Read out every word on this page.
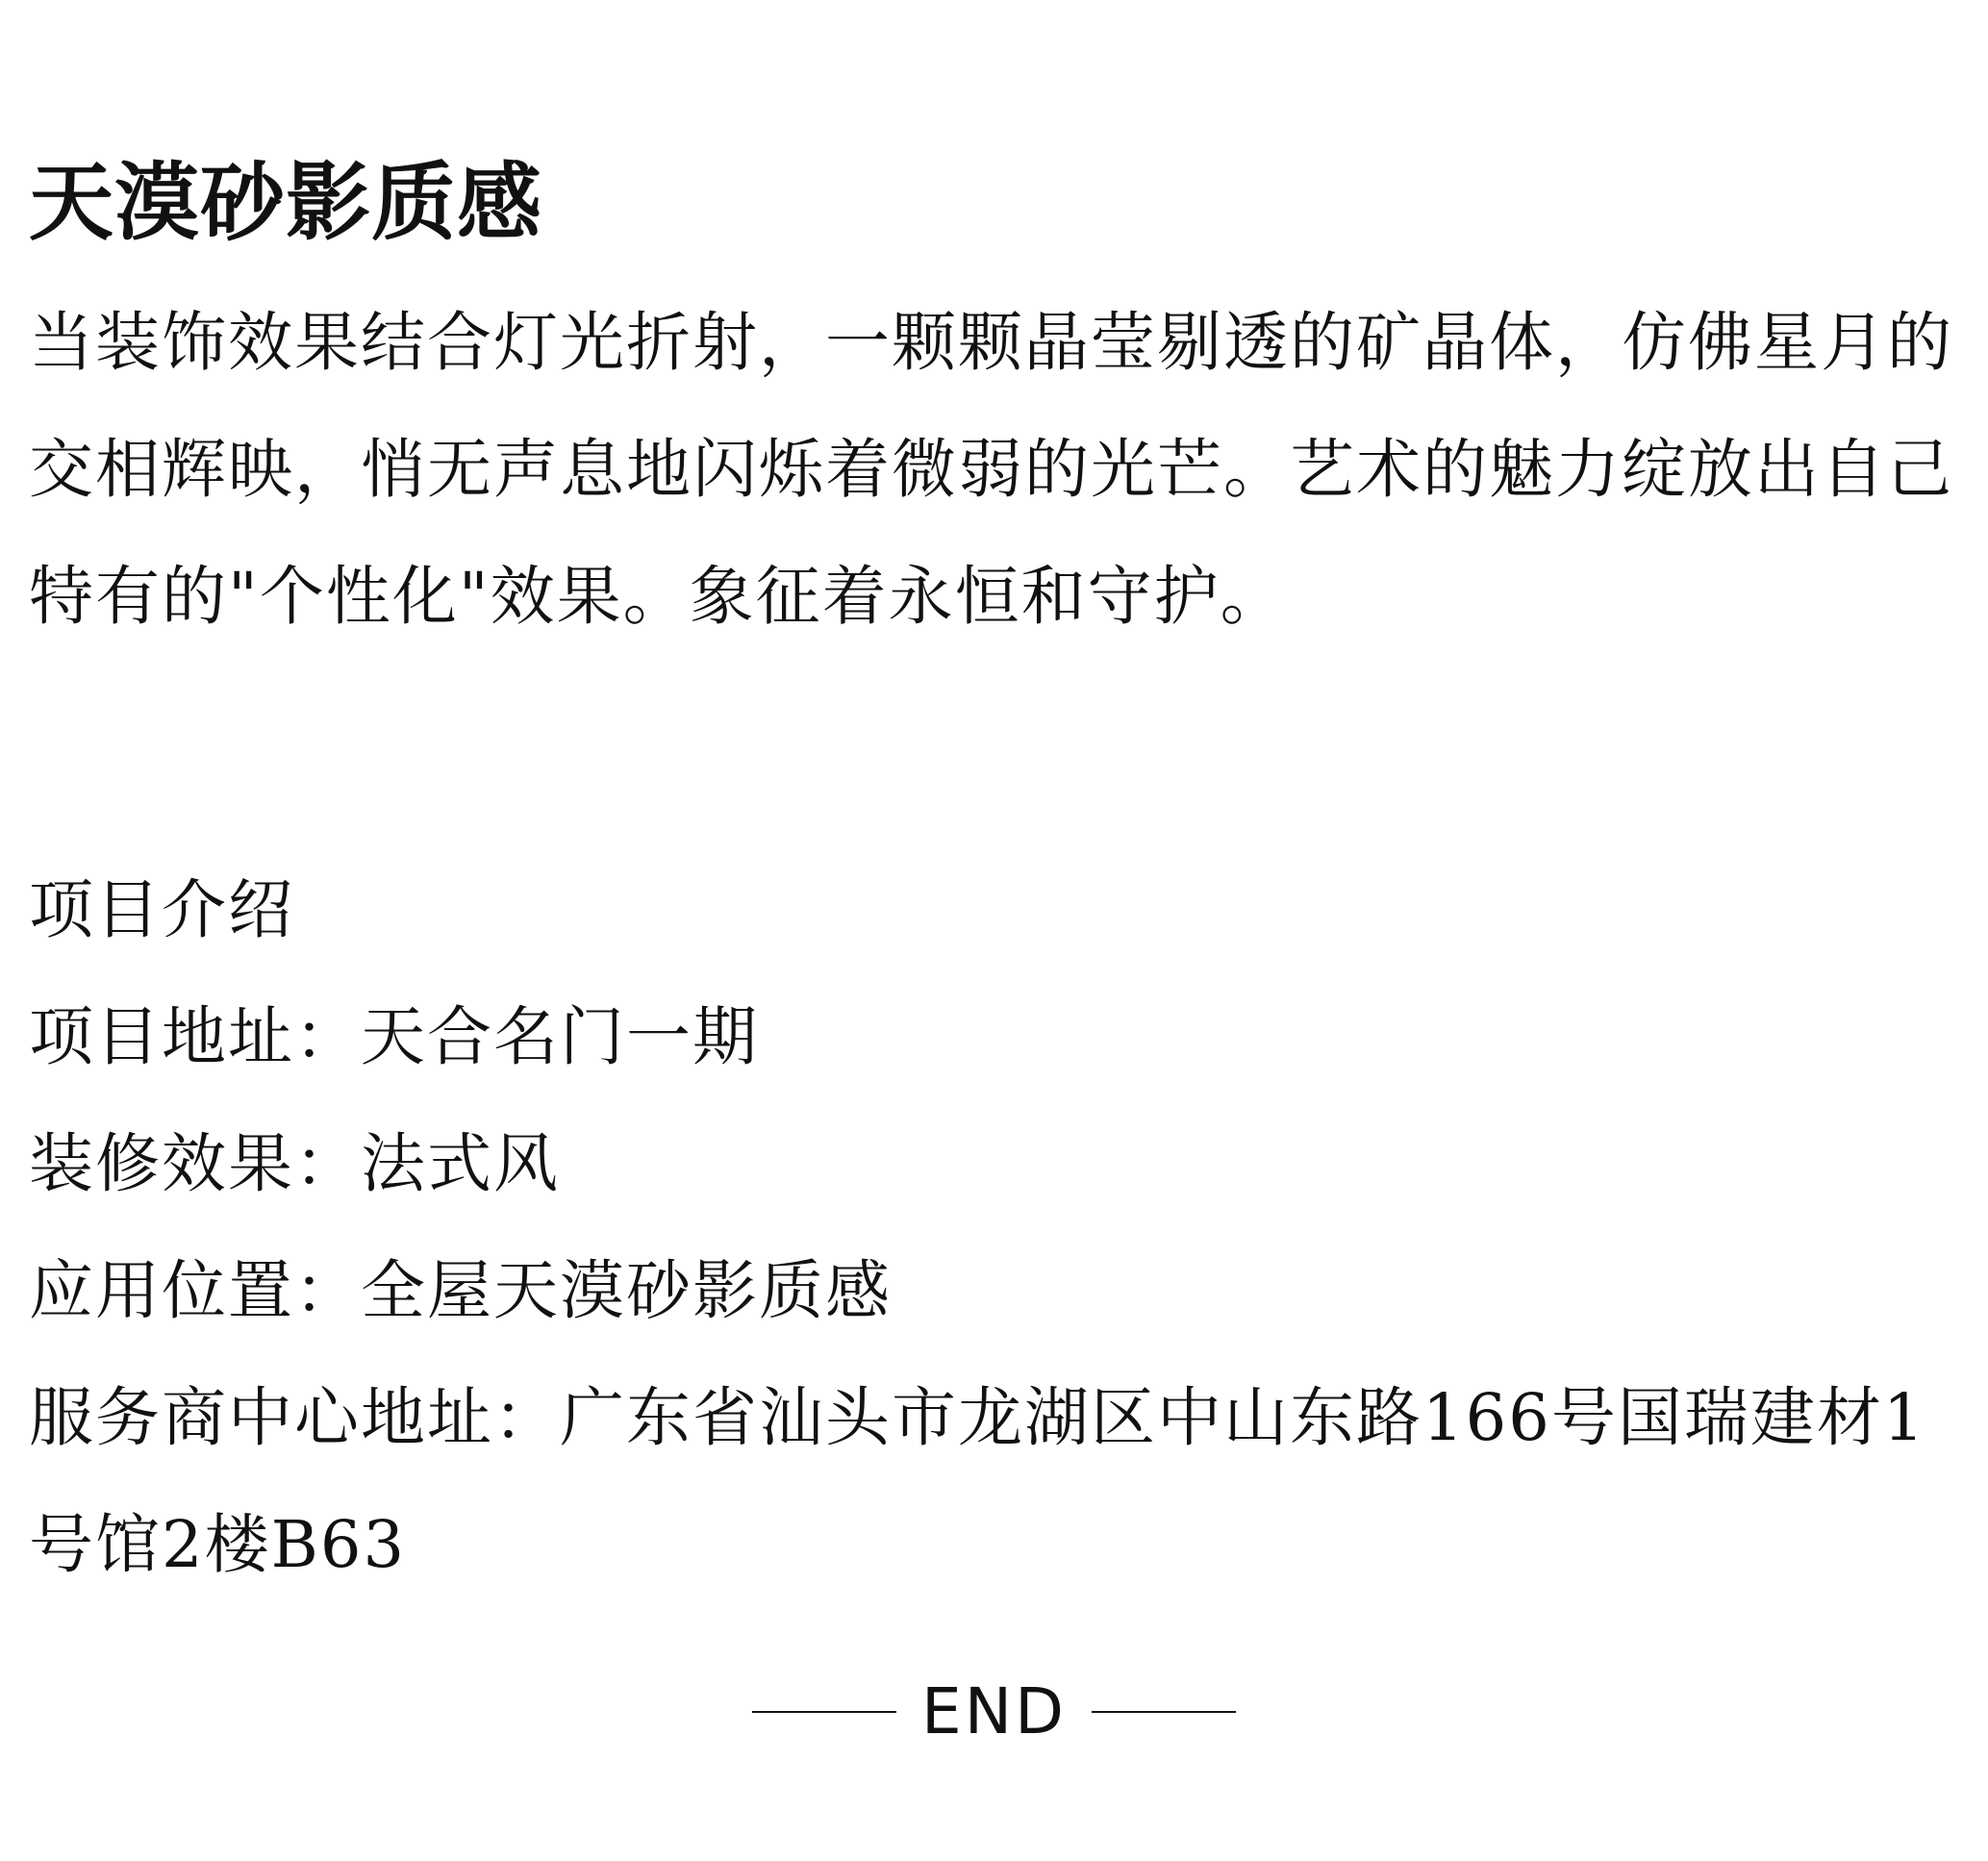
天漠砂影质感

当装饰效果结合灯光折射，一颗颗晶莹剔透的矿晶体，仿佛星月的交相辉映，悄无声息地闪烁着微弱的光芒。艺术的魅力绽放出自己特有的"个性化"效果。象征着永恒和守护。

项目介绍
项目地址：天合名门一期
装修效果：法式风
应用位置：全屋天漠砂影质感
服务商中心地址：广东省汕头市龙湖区中山东路166号国瑞建材1号馆2楼B63
END
